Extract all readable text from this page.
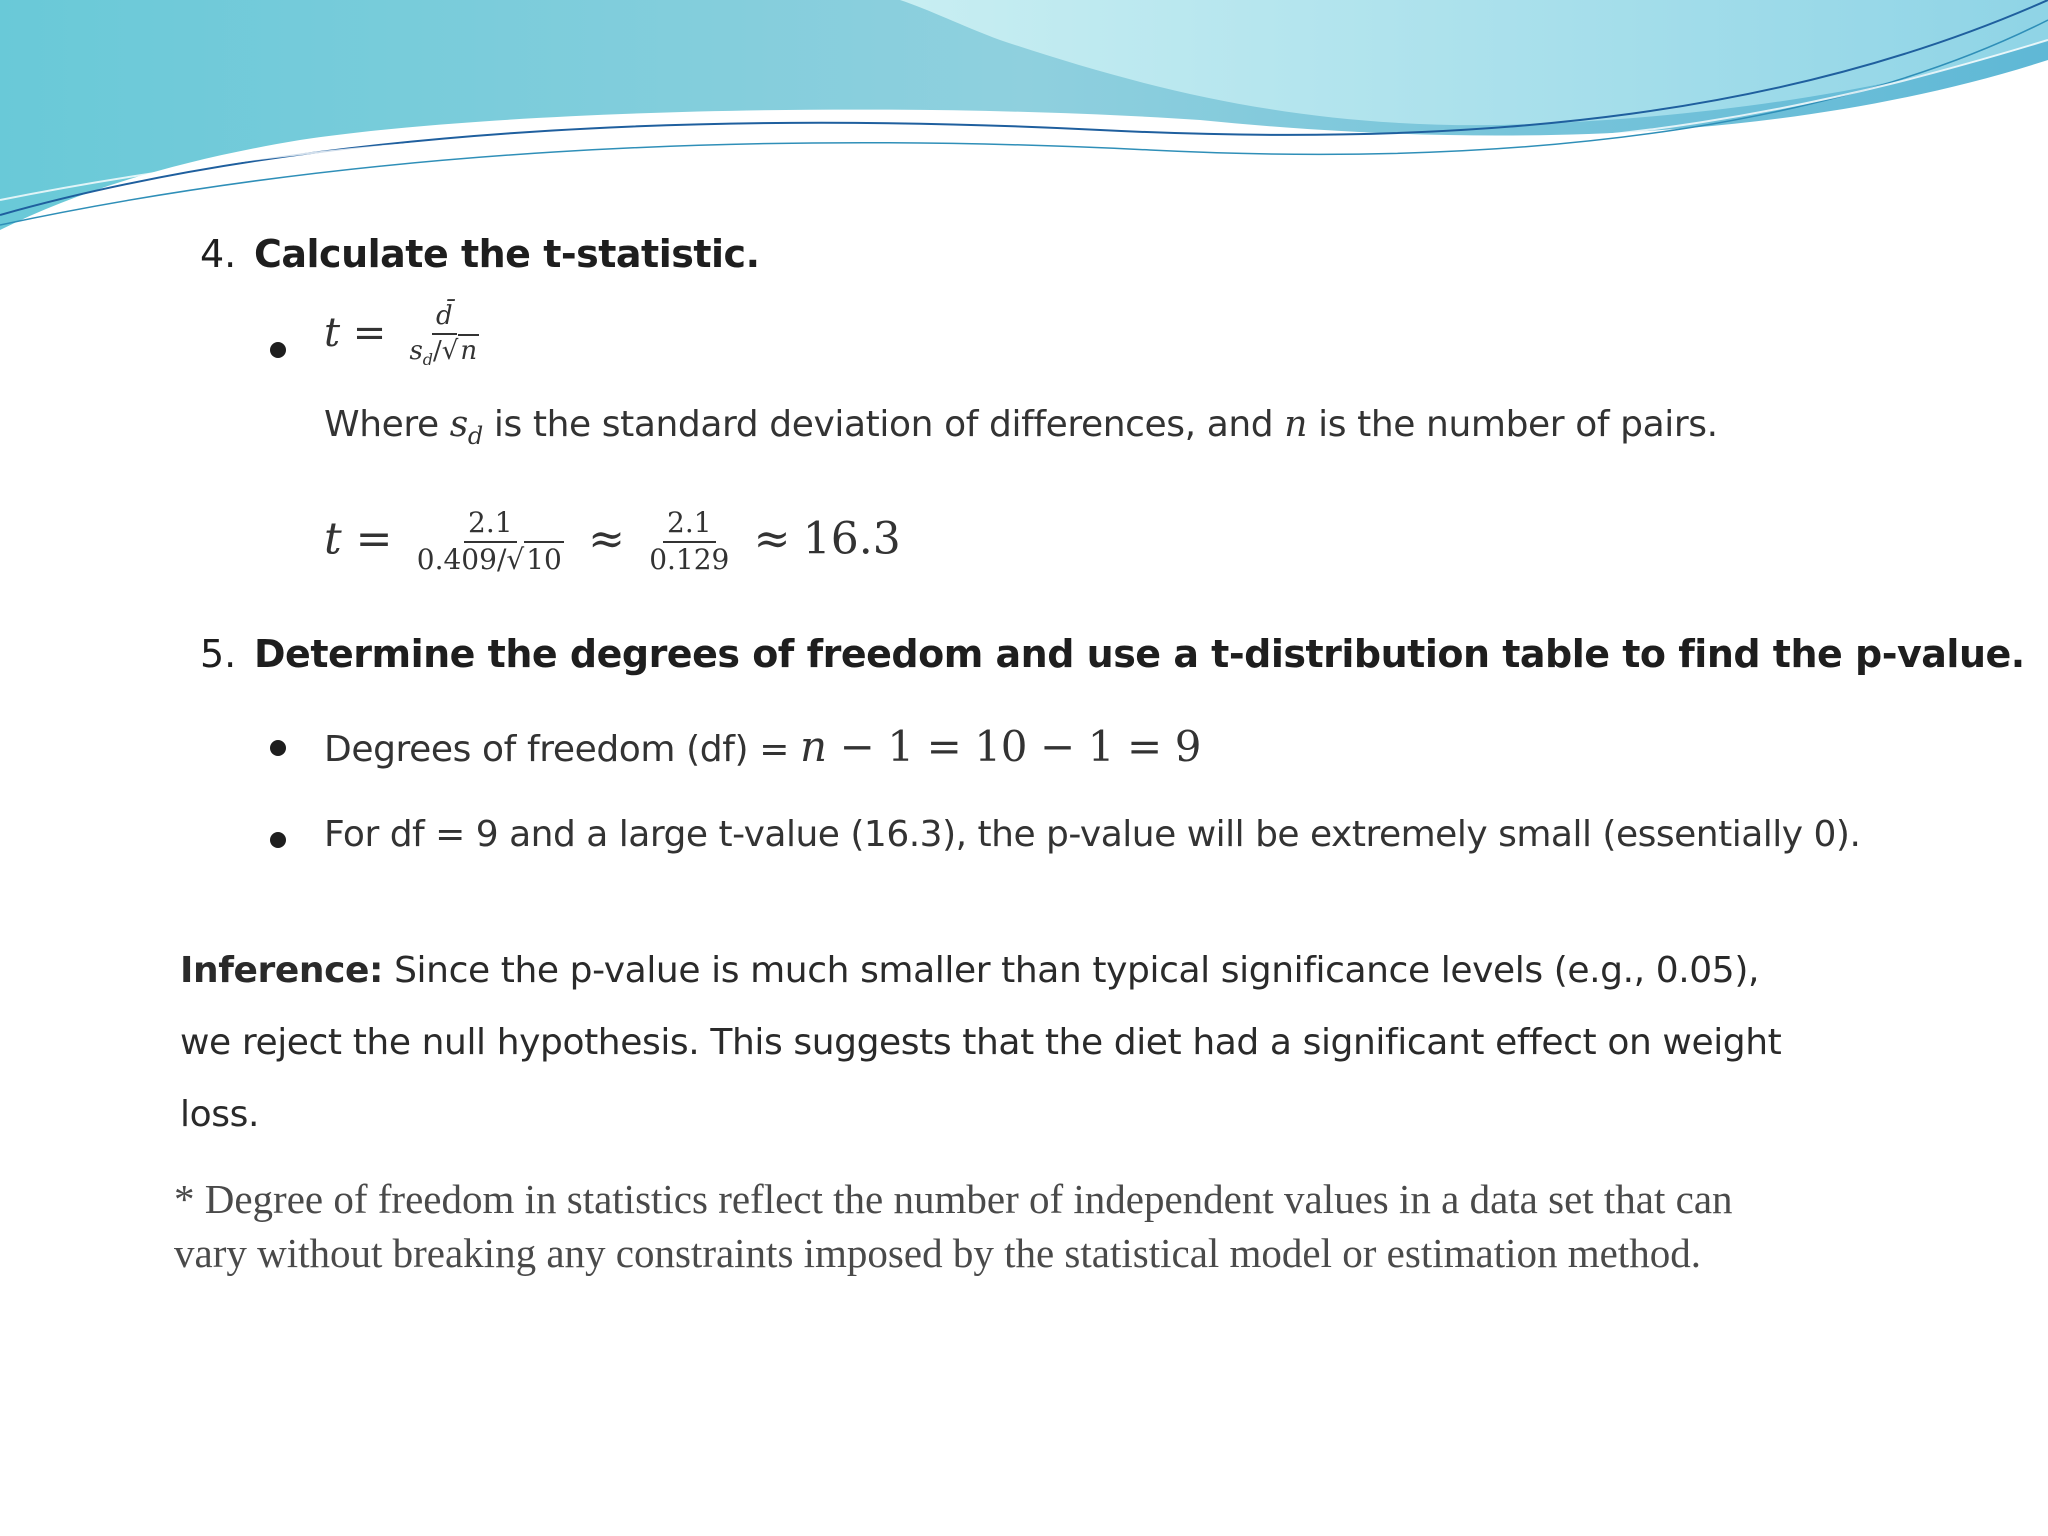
4. Calculate the t-statistic.
$t = \frac{d̄}{s_d/√n}$
Where $s_d$ is the standard deviation of differences, and n is the number of pairs.
$t = \frac{2.1}{0.409/√10} \approx \frac{2.1}{0.129} \approx 16.3$
5. Determine the degrees of freedom and use a t-distribution table to find the p-value.
Degrees of freedom (df) = n − 1 = 10 − 1 = 9
For df = 9 and a large t-value (16.3), the p-value will be extremely small (essentially 0).
Inference: Since the p-value is much smaller than typical significance levels (e.g., 0.05), we reject the null hypothesis. This suggests that the diet had a significant effect on weight loss.
* Degree of freedom in statistics reflect the number of independent values in a data set that can vary without breaking any constraints imposed by the statistical model or estimation method.
